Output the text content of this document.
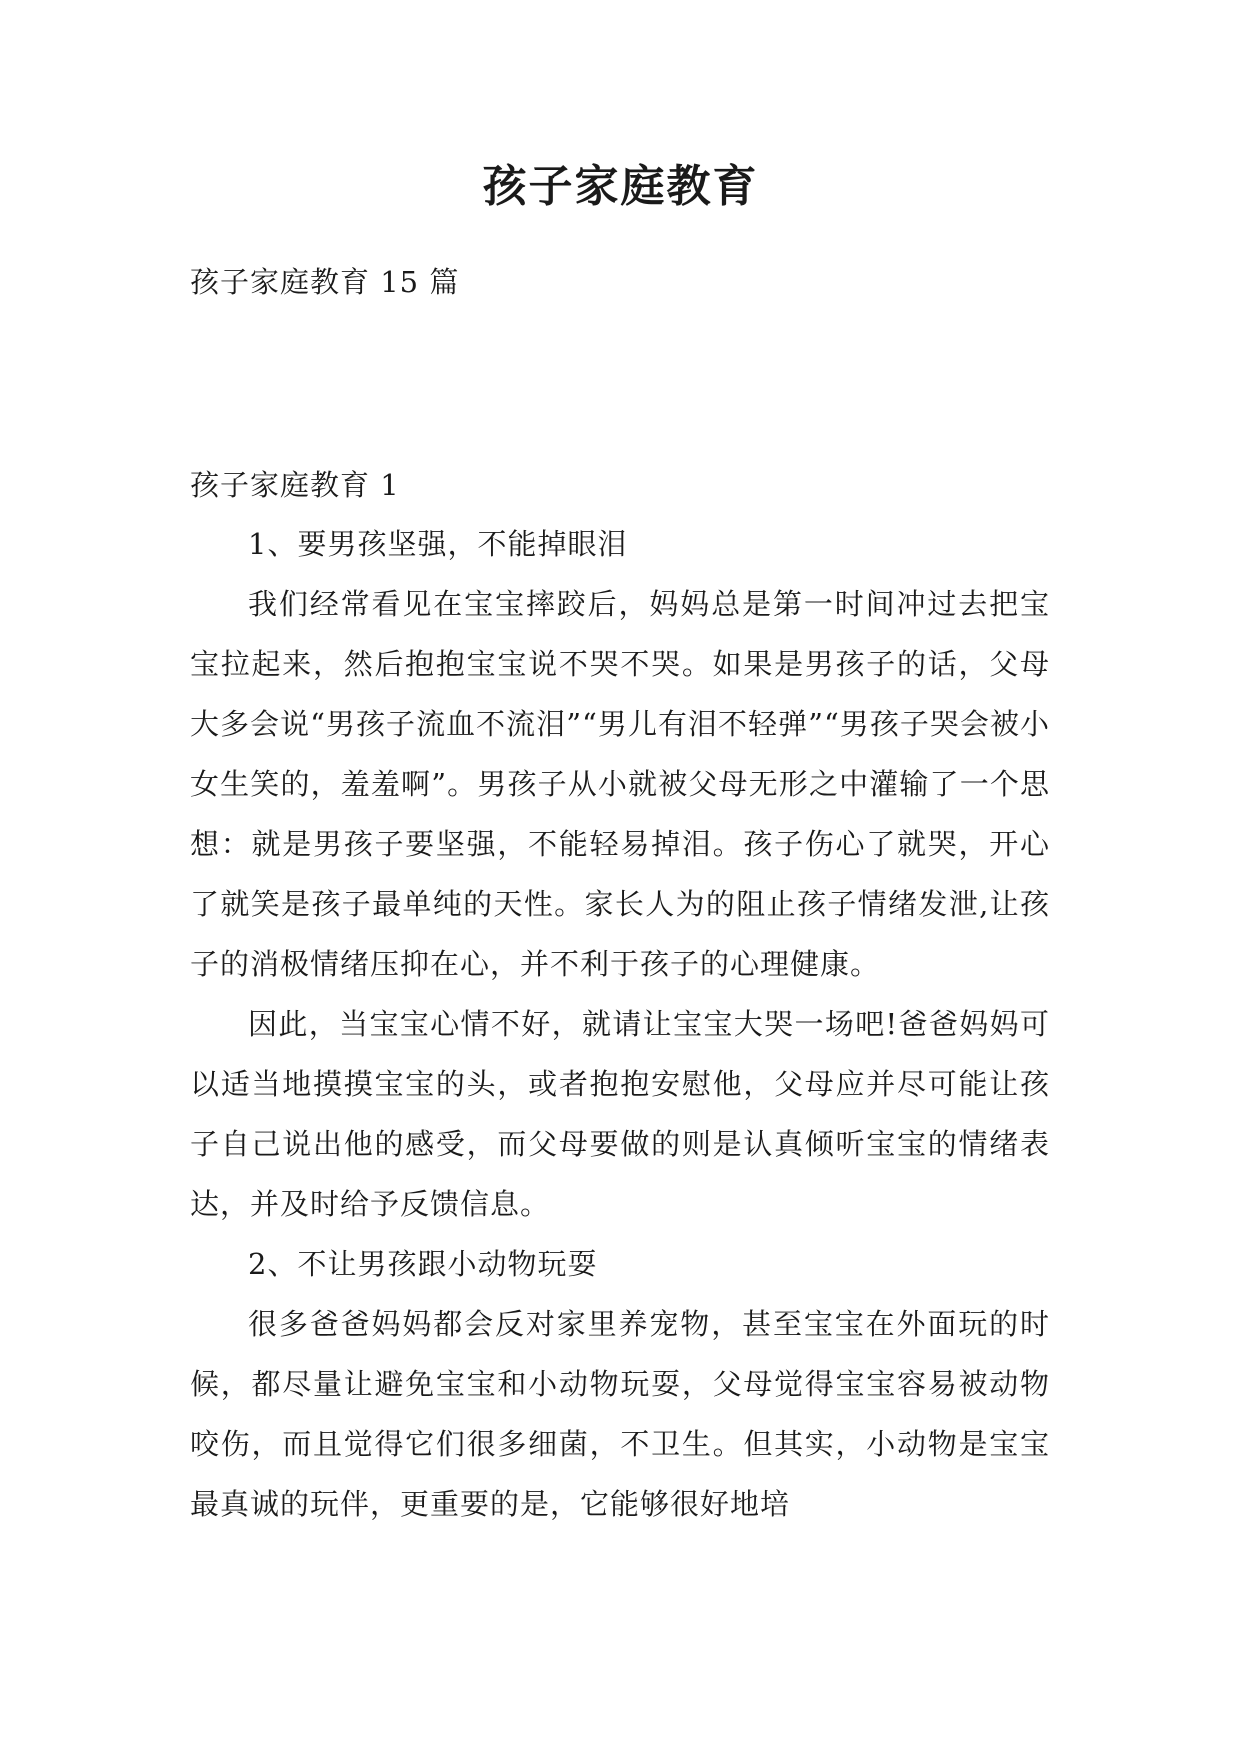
孩子家庭教育
孩子家庭教育 15 篇
孩子家庭教育 1

1、要男孩坚强，不能掉眼泪

我们经常看见在宝宝摔跤后，妈妈总是第一时间冲过去把宝宝拉起来，然后抱抱宝宝说不哭不哭。如果是男孩子的话，父母大多会说“男孩子流血不流泪”“男儿有泪不轻弹”“男孩子哭会被小女生笑的，羞羞啊”。男孩子从小就被父母无形之中灌输了一个思想：就是男孩子要坚强，不能轻易掉泪。孩子伤心了就哭，开心了就笑是孩子最单纯的天性。家长人为的阻止孩子情绪发泄,让孩子的消极情绪压抑在心，并不利于孩子的心理健康。

因此，当宝宝心情不好，就请让宝宝大哭一场吧!爸爸妈妈可以适当地摸摸宝宝的头，或者抱抱安慰他，父母应并尽可能让孩子自己说出他的感受，而父母要做的则是认真倾听宝宝的情绪表达，并及时给予反馈信息。

2、不让男孩跟小动物玩耍

很多爸爸妈妈都会反对家里养宠物，甚至宝宝在外面玩的时候，都尽量让避免宝宝和小动物玩耍，父母觉得宝宝容易被动物咬伤，而且觉得它们很多细菌，不卫生。但其实，小动物是宝宝最真诚的玩伴，更重要的是，它能够很好地培
